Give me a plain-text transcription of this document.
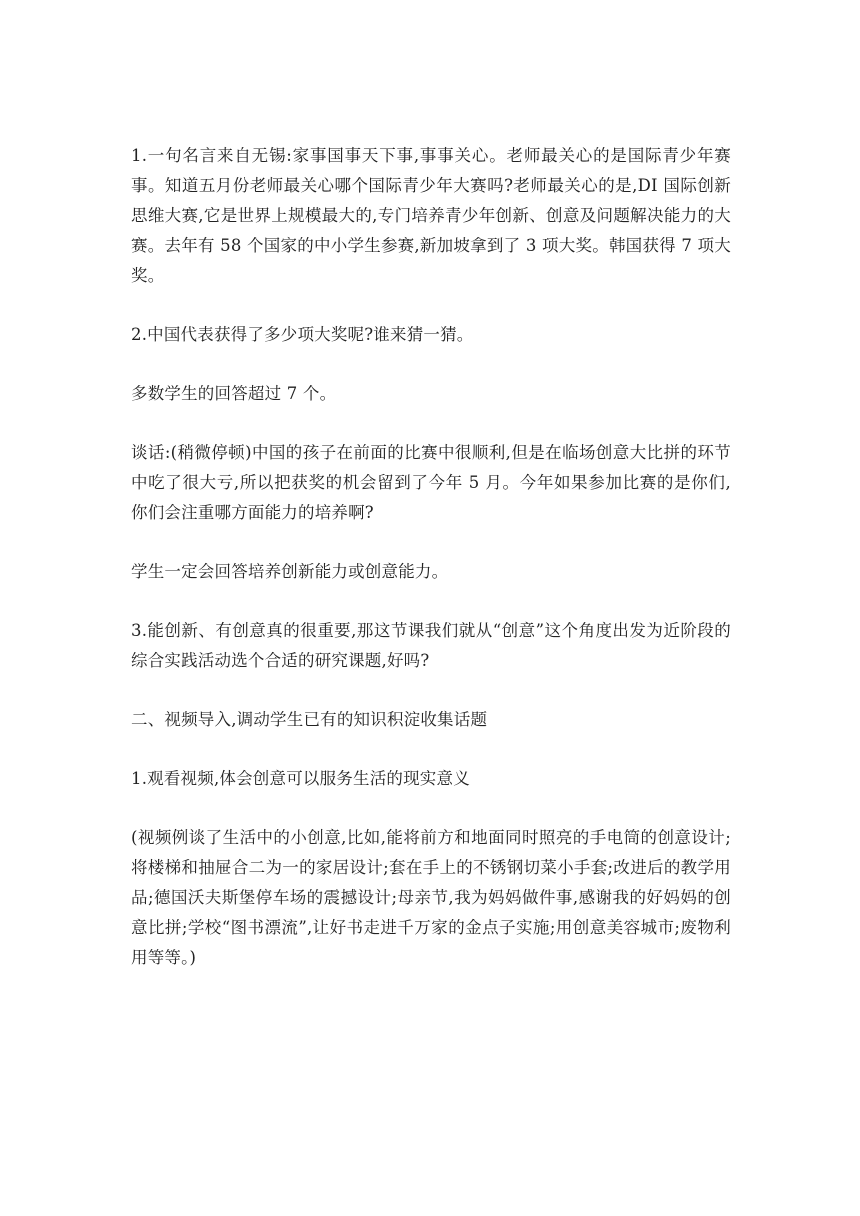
1.一句名言来自无锡:家事国事天下事,事事关心。老师最关心的是国际青少年赛事。知道五月份老师最关心哪个国际青少年大赛吗?老师最关心的是,DI 国际创新思维大赛,它是世界上规模最大的,专门培养青少年创新、创意及问题解决能力的大赛。去年有 58 个国家的中小学生参赛,新加坡拿到了 3 项大奖。韩国获得 7 项大奖。

2.中国代表获得了多少项大奖呢?谁来猜一猜。

多数学生的回答超过 7 个。

谈话:(稍微停顿)中国的孩子在前面的比赛中很顺利,但是在临场创意大比拼的环节中吃了很大亏,所以把获奖的机会留到了今年 5 月。今年如果参加比赛的是你们,你们会注重哪方面能力的培养啊?

学生一定会回答培养创新能力或创意能力。

3.能创新、有创意真的很重要,那这节课我们就从“创意”这个角度出发为近阶段的综合实践活动选个合适的研究课题,好吗?

二、视频导入,调动学生已有的知识积淀收集话题

1.观看视频,体会创意可以服务生活的现实意义

(视频例谈了生活中的小创意,比如,能将前方和地面同时照亮的手电筒的创意设计;将楼梯和抽屉合二为一的家居设计;套在手上的不锈钢切菜小手套;改进后的教学用品;德国沃夫斯堡停车场的震撼设计;母亲节,我为妈妈做件事,感谢我的好妈妈的创意比拼;学校“图书漂流”,让好书走进千万家的金点子实施;用创意美容城市;废物利用等等。)
